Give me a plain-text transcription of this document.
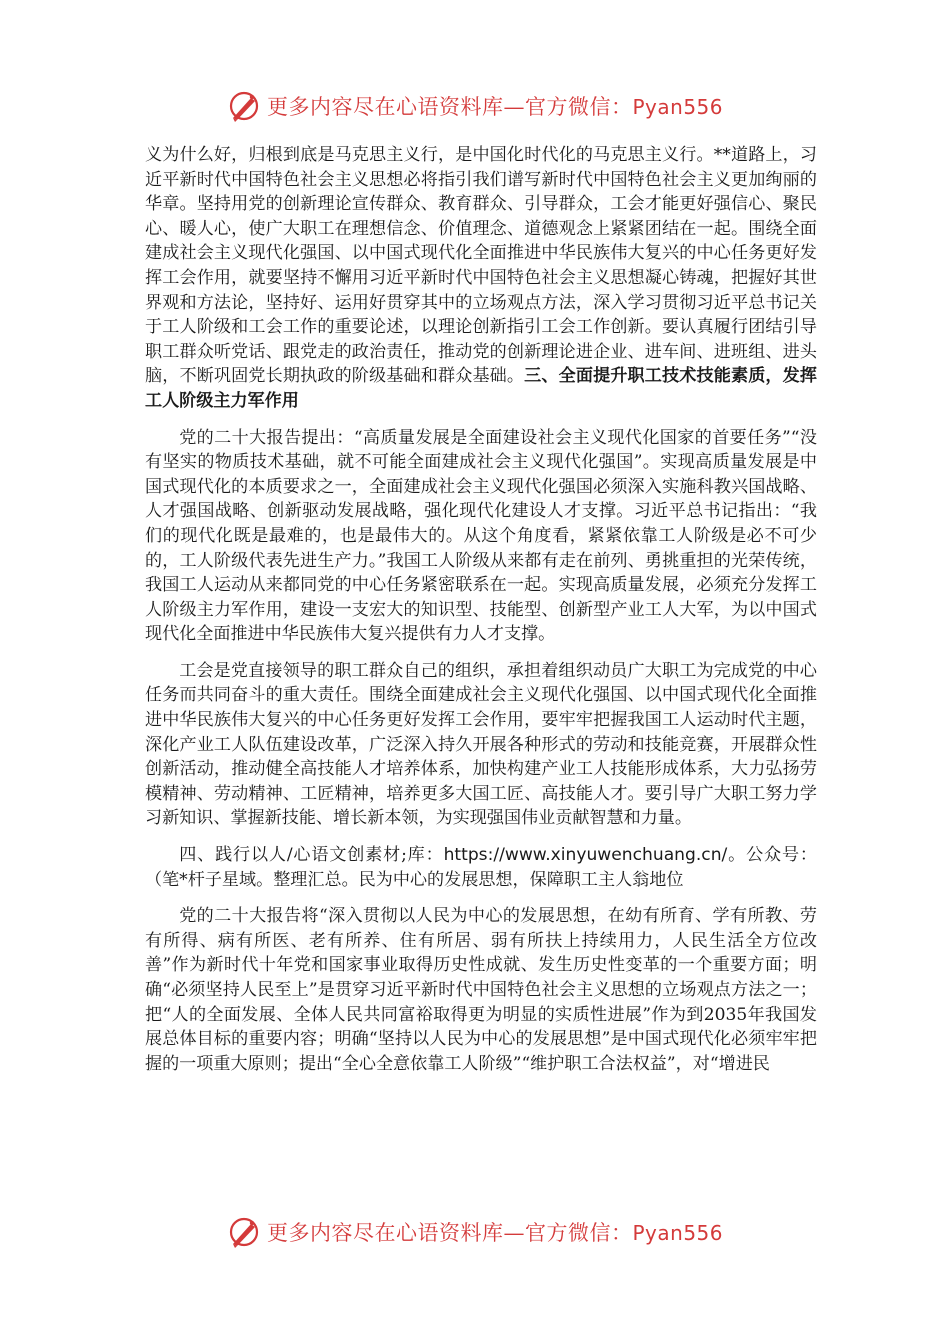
更多内容尽在心语资料库—官方微信：Pyan556

义为什么好，归根到底是马克思主义行，是中国化时代化的马克思主义行。**道路上，习近平新时代中国特色社会主义思想必将指引我们谱写新时代中国特色社会主义更加绚丽的华章。坚持用党的创新理论宣传群众、教育群众、引导群众，工会才能更好强信心、聚民心、暖人心，使广大职工在理想信念、价值理念、道德观念上紧紧团结在一起。围绕全面建成社会主义现代化强国、以中国式现代化全面推进中华民族伟大复兴的中心任务更好发挥工会作用，就要坚持不懈用习近平新时代中国特色社会主义思想凝心铸魂，把握好其世界观和方法论，坚持好、运用好贯穿其中的立场观点方法，深入学习贯彻习近平总书记关于工人阶级和工会工作的重要论述，以理论创新指引工会工作创新。要认真履行团结引导职工群众听党话、跟党走的政治责任，推动党的创新理论进企业、进车间、进班组、进头脑，不断巩固党长期执政的阶级基础和群众基础。三、全面提升职工技术技能素质，发挥工人阶级主力军作用

党的二十大报告提出：“高质量发展是全面建设社会主义现代化国家的首要任务”“没有坚实的物质技术基础，就不可能全面建成社会主义现代化强国”。实现高质量发展是中国式现代化的本质要求之一，全面建成社会主义现代化强国必须深入实施科教兴国战略、人才强国战略、创新驱动发展战略，强化现代化建设人才支撑。习近平总书记指出：“我们的现代化既是最难的，也是最伟大的。从这个角度看，紧紧依靠工人阶级是必不可少的，工人阶级代表先进生产力。”我国工人阶级从来都有走在前列、勇挑重担的光荣传统，我国工人运动从来都同党的中心任务紧密联系在一起。实现高质量发展，必须充分发挥工人阶级主力军作用，建设一支宏大的知识型、技能型、创新型产业工人大军，为以中国式现代化全面推进中华民族伟大复兴提供有力人才支撑。

工会是党直接领导的职工群众自己的组织，承担着组织动员广大职工为完成党的中心任务而共同奋斗的重大责任。围绕全面建成社会主义现代化强国、以中国式现代化全面推进中华民族伟大复兴的中心任务更好发挥工会作用，要牢牢把握我国工人运动时代主题，深化产业工人队伍建设改革，广泛深入持久开展各种形式的劳动和技能竞赛，开展群众性创新活动，推动健全高技能人才培养体系，加快构建产业工人技能形成体系，大力弘扬劳模精神、劳动精神、工匠精神，培养更多大国工匠、高技能人才。要引导广大职工努力学习新知识、掌握新技能、增长新本领，为实现强国伟业贡献智慧和力量。

四、践行以人/心语文创素材;库：https://www.xinyuwenchuang.cn/。公众号：（笔*杆子星域。整理汇总。民为中心的发展思想，保障职工主人翁地位

党的二十大报告将“深入贯彻以人民为中心的发展思想，在幼有所育、学有所教、劳有所得、病有所医、老有所养、住有所居、弱有所扶上持续用力，人民生活全方位改善”作为新时代十年党和国家事业取得历史性成就、发生历史性变革的一个重要方面；明确“必须坚持人民至上”是贯穿习近平新时代中国特色社会主义思想的立场观点方法之一；把“人的全面发展、全体人民共同富裕取得更为明显的实质性进展”作为到2035年我国发展总体目标的重要内容；明确“坚持以人民为中心的发展思想”是中国式现代化必须牢牢把握的一项重大原则；提出“全心全意依靠工人阶级”“维护职工合法权益”，对“增进民

更多内容尽在心语资料库—官方微信：Pyan556
